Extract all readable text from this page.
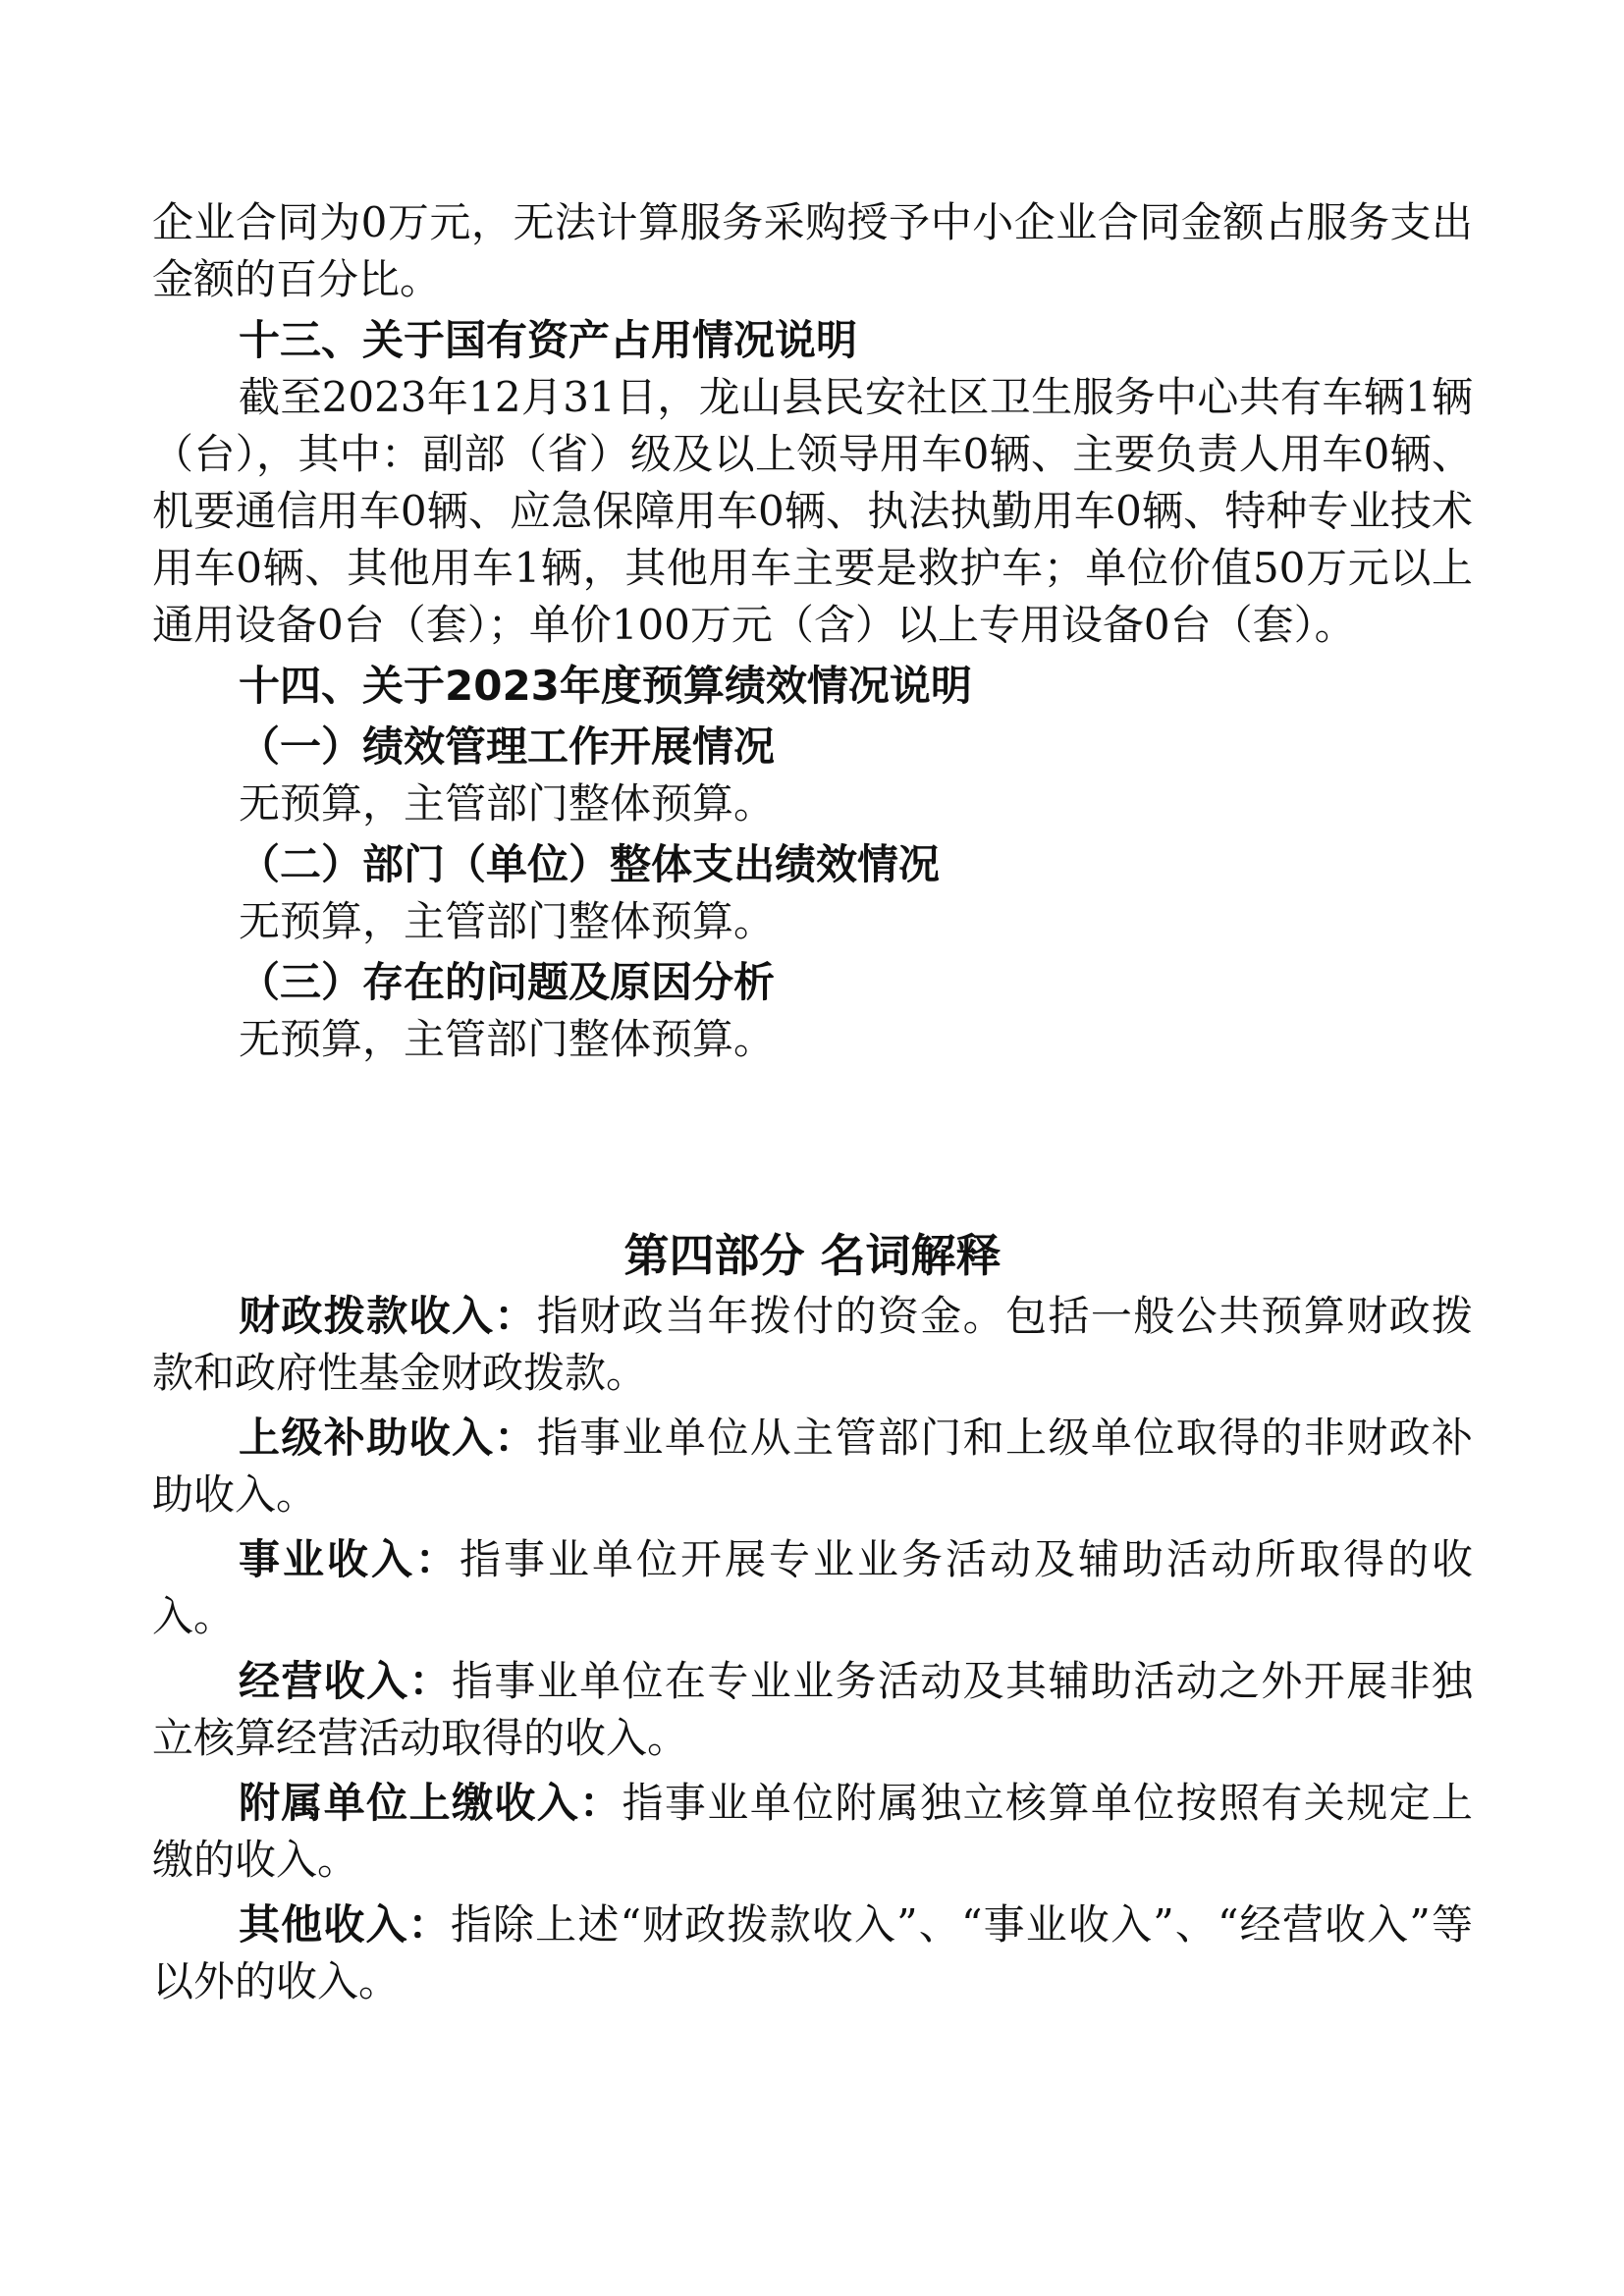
企业合同为0万元，无法计算服务采购授予中小企业合同金额占服务支出金额的百分比。

十三、关于国有资产占用情况说明

截至2023年12月31日，龙山县民安社区卫生服务中心共有车辆1辆（台），其中：副部（省）级及以上领导用车0辆、主要负责人用车0辆、机要通信用车0辆、应急保障用车0辆、执法执勤用车0辆、特种专业技术用车0辆、其他用车1辆，其他用车主要是救护车；单位价值50万元以上通用设备0台（套）；单价100万元（含）以上专用设备0台（套）。

十四、关于2023年度预算绩效情况说明

（一）绩效管理工作开展情况

无预算，主管部门整体预算。

（二）部门（单位）整体支出绩效情况

无预算，主管部门整体预算。

（三）存在的问题及原因分析

无预算，主管部门整体预算。

第四部分 名词解释

财政拨款收入：指财政当年拨付的资金。包括一般公共预算财政拨款和政府性基金财政拨款。

上级补助收入：指事业单位从主管部门和上级单位取得的非财政补助收入。

事业收入：指事业单位开展专业业务活动及辅助活动所取得的收入。

经营收入：指事业单位在专业业务活动及其辅助活动之外开展非独立核算经营活动取得的收入。

附属单位上缴收入：指事业单位附属独立核算单位按照有关规定上缴的收入。

其他收入：指除上述“财政拨款收入”、“事业收入”、“经营收入”等以外的收入。
